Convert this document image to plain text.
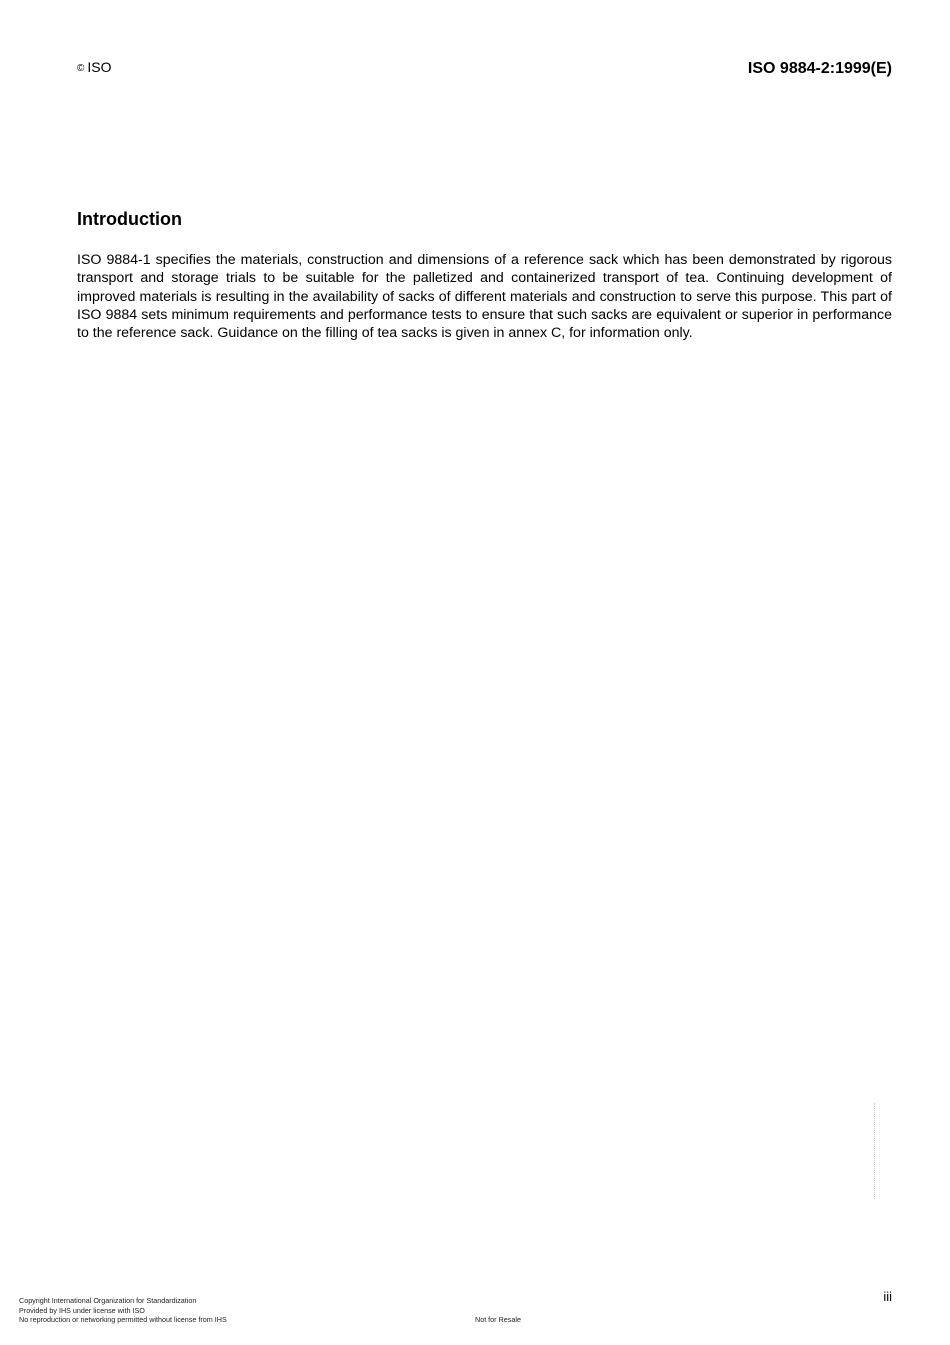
© ISO	ISO 9884-2:1999(E)
Introduction

ISO 9884-1 specifies the materials, construction and dimensions of a reference sack which has been demonstrated by rigorous transport and storage trials to be suitable for the palletized and containerized transport of tea. Continuing development of improved materials is resulting in the availability of sacks of different materials and construction to serve this purpose. This part of ISO 9884 sets minimum requirements and performance tests to ensure that such sacks are equivalent or superior in performance to the reference sack. Guidance on the filling of tea sacks is given in annex C, for information only.

iii
Copyright International Organization for Standardization
Provided by IHS under license with ISO
No reproduction or networking permitted without license from IHS	Not for Resale
